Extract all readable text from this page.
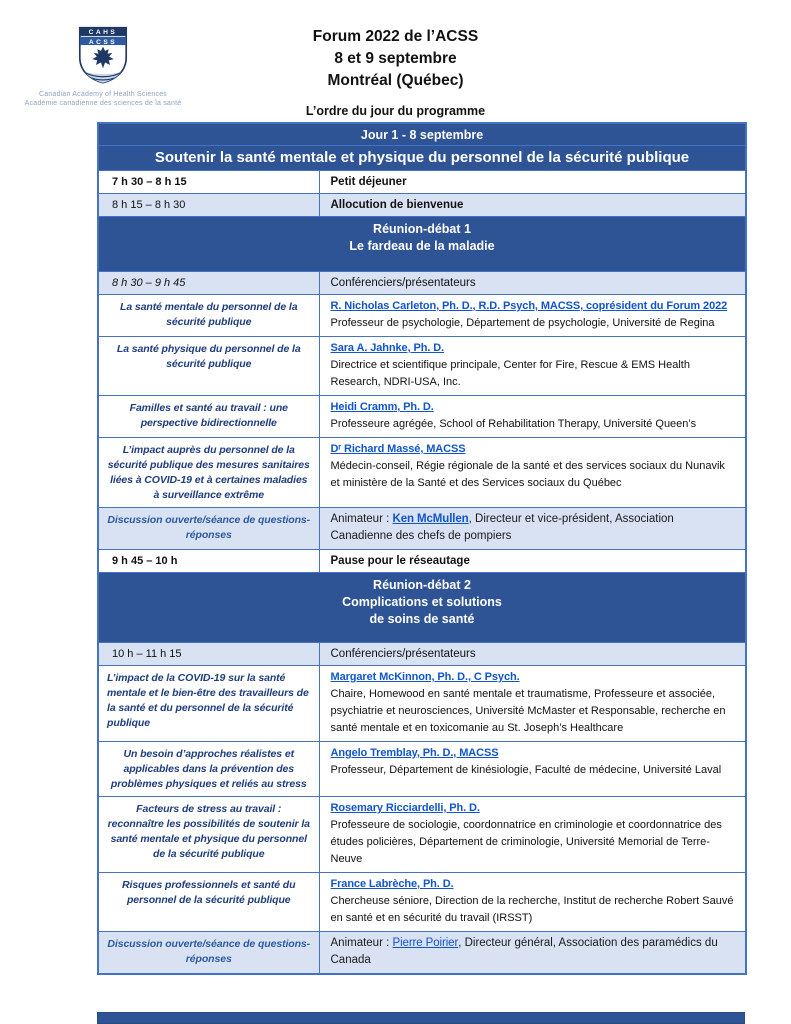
CAHS
ACSS
Canadian Academy of Health Sciences
Académie canadienne des sciences de la santé
Forum 2022 de l’ACSS
8 et 9 septembre
Montréal (Québec)
L’ordre du jour du programme
Jour 1 - 8 septembre	

Soutenir la santé mentale et physique du personnel de la sécurité publique	

7 h 30 – 8 h 15	Petit déjeuner
8 h 15 – 8 h 30	Allocution de bienvenue

Réunion-débat 1
Le fardeau de la maladie	

8 h 30 – 9 h 45	Conférenciers/présentateurs
La santé mentale du personnel de la sécurité publique	R. Nicholas Carleton, Ph. D., R.D. Psych, MACSS, coprésident du Forum 2022
Professeur de psychologie, Département de psychologie, Université de Regina

La santé physique du personnel de la sécurité publique	Sara A. Jahnke, Ph. D.
Directrice et scientifique principale, Center for Fire, Rescue & EMS Health Research, NDRI-USA, Inc.

Familles et santé au travail : une perspective bidirectionnelle	Heidi Cramm, Ph. D.
Professeure agrégée, School of Rehabilitation Therapy, Université Queen’s

L’impact auprès du personnel de la sécurité publique des mesures sanitaires liées à COVID-19 et à certaines maladies à surveillance extrême	Dʳ Richard Massé, MACSS
Médecin-conseil, Régie régionale de la santé et des services sociaux du Nunavik et ministère de la Santé et des Services sociaux du Québec

Discussion ouverte/séance de questions-réponses	Animateur : Ken McMullen, Directeur et vice-président, Association Canadienne des chefs de pompiers
9 h 45 – 10 h	Pause pour le réseautage

Réunion-débat 2
Complications et solutions
de soins de santé	

10 h – 11 h 15	Conférenciers/présentateurs
L’impact de la COVID-19 sur la santé mentale et le bien-être des travailleurs de la santé et du personnel de la sécurité publique	Margaret McKinnon, Ph. D., C Psych.
Chaire, Homewood en santé mentale et traumatisme, Professeure et associée, psychiatrie et neurosciences, Université McMaster et Responsable, recherche en santé mentale et en toxicomanie au St. Joseph’s Healthcare

Un besoin d’approches réalistes et applicables dans la prévention des problèmes physiques et reliés au stress	Angelo Tremblay, Ph. D., MACSS
Professeur, Département de kinésiologie, Faculté de médecine, Université Laval

Facteurs de stress au travail : reconnaître les possibilités de soutenir la santé mentale et physique du personnel de la sécurité publique	Rosemary Ricciardelli, Ph. D.
Professeure de sociologie, coordonnatrice en criminologie et coordonnatrice des études policières, Département de criminologie, Université Memorial de Terre-Neuve

Risques professionnels et santé du personnel de la sécurité publique	France Labrèche, Ph. D.
Chercheuse séniore, Direction de la recherche, Institut de recherche Robert Sauvé en santé et en sécurité du travail (IRSST)

Discussion ouverte/séance de questions-réponses	Animateur : Pierre Poirier, Directeur général, Association des paramédics du Canada
